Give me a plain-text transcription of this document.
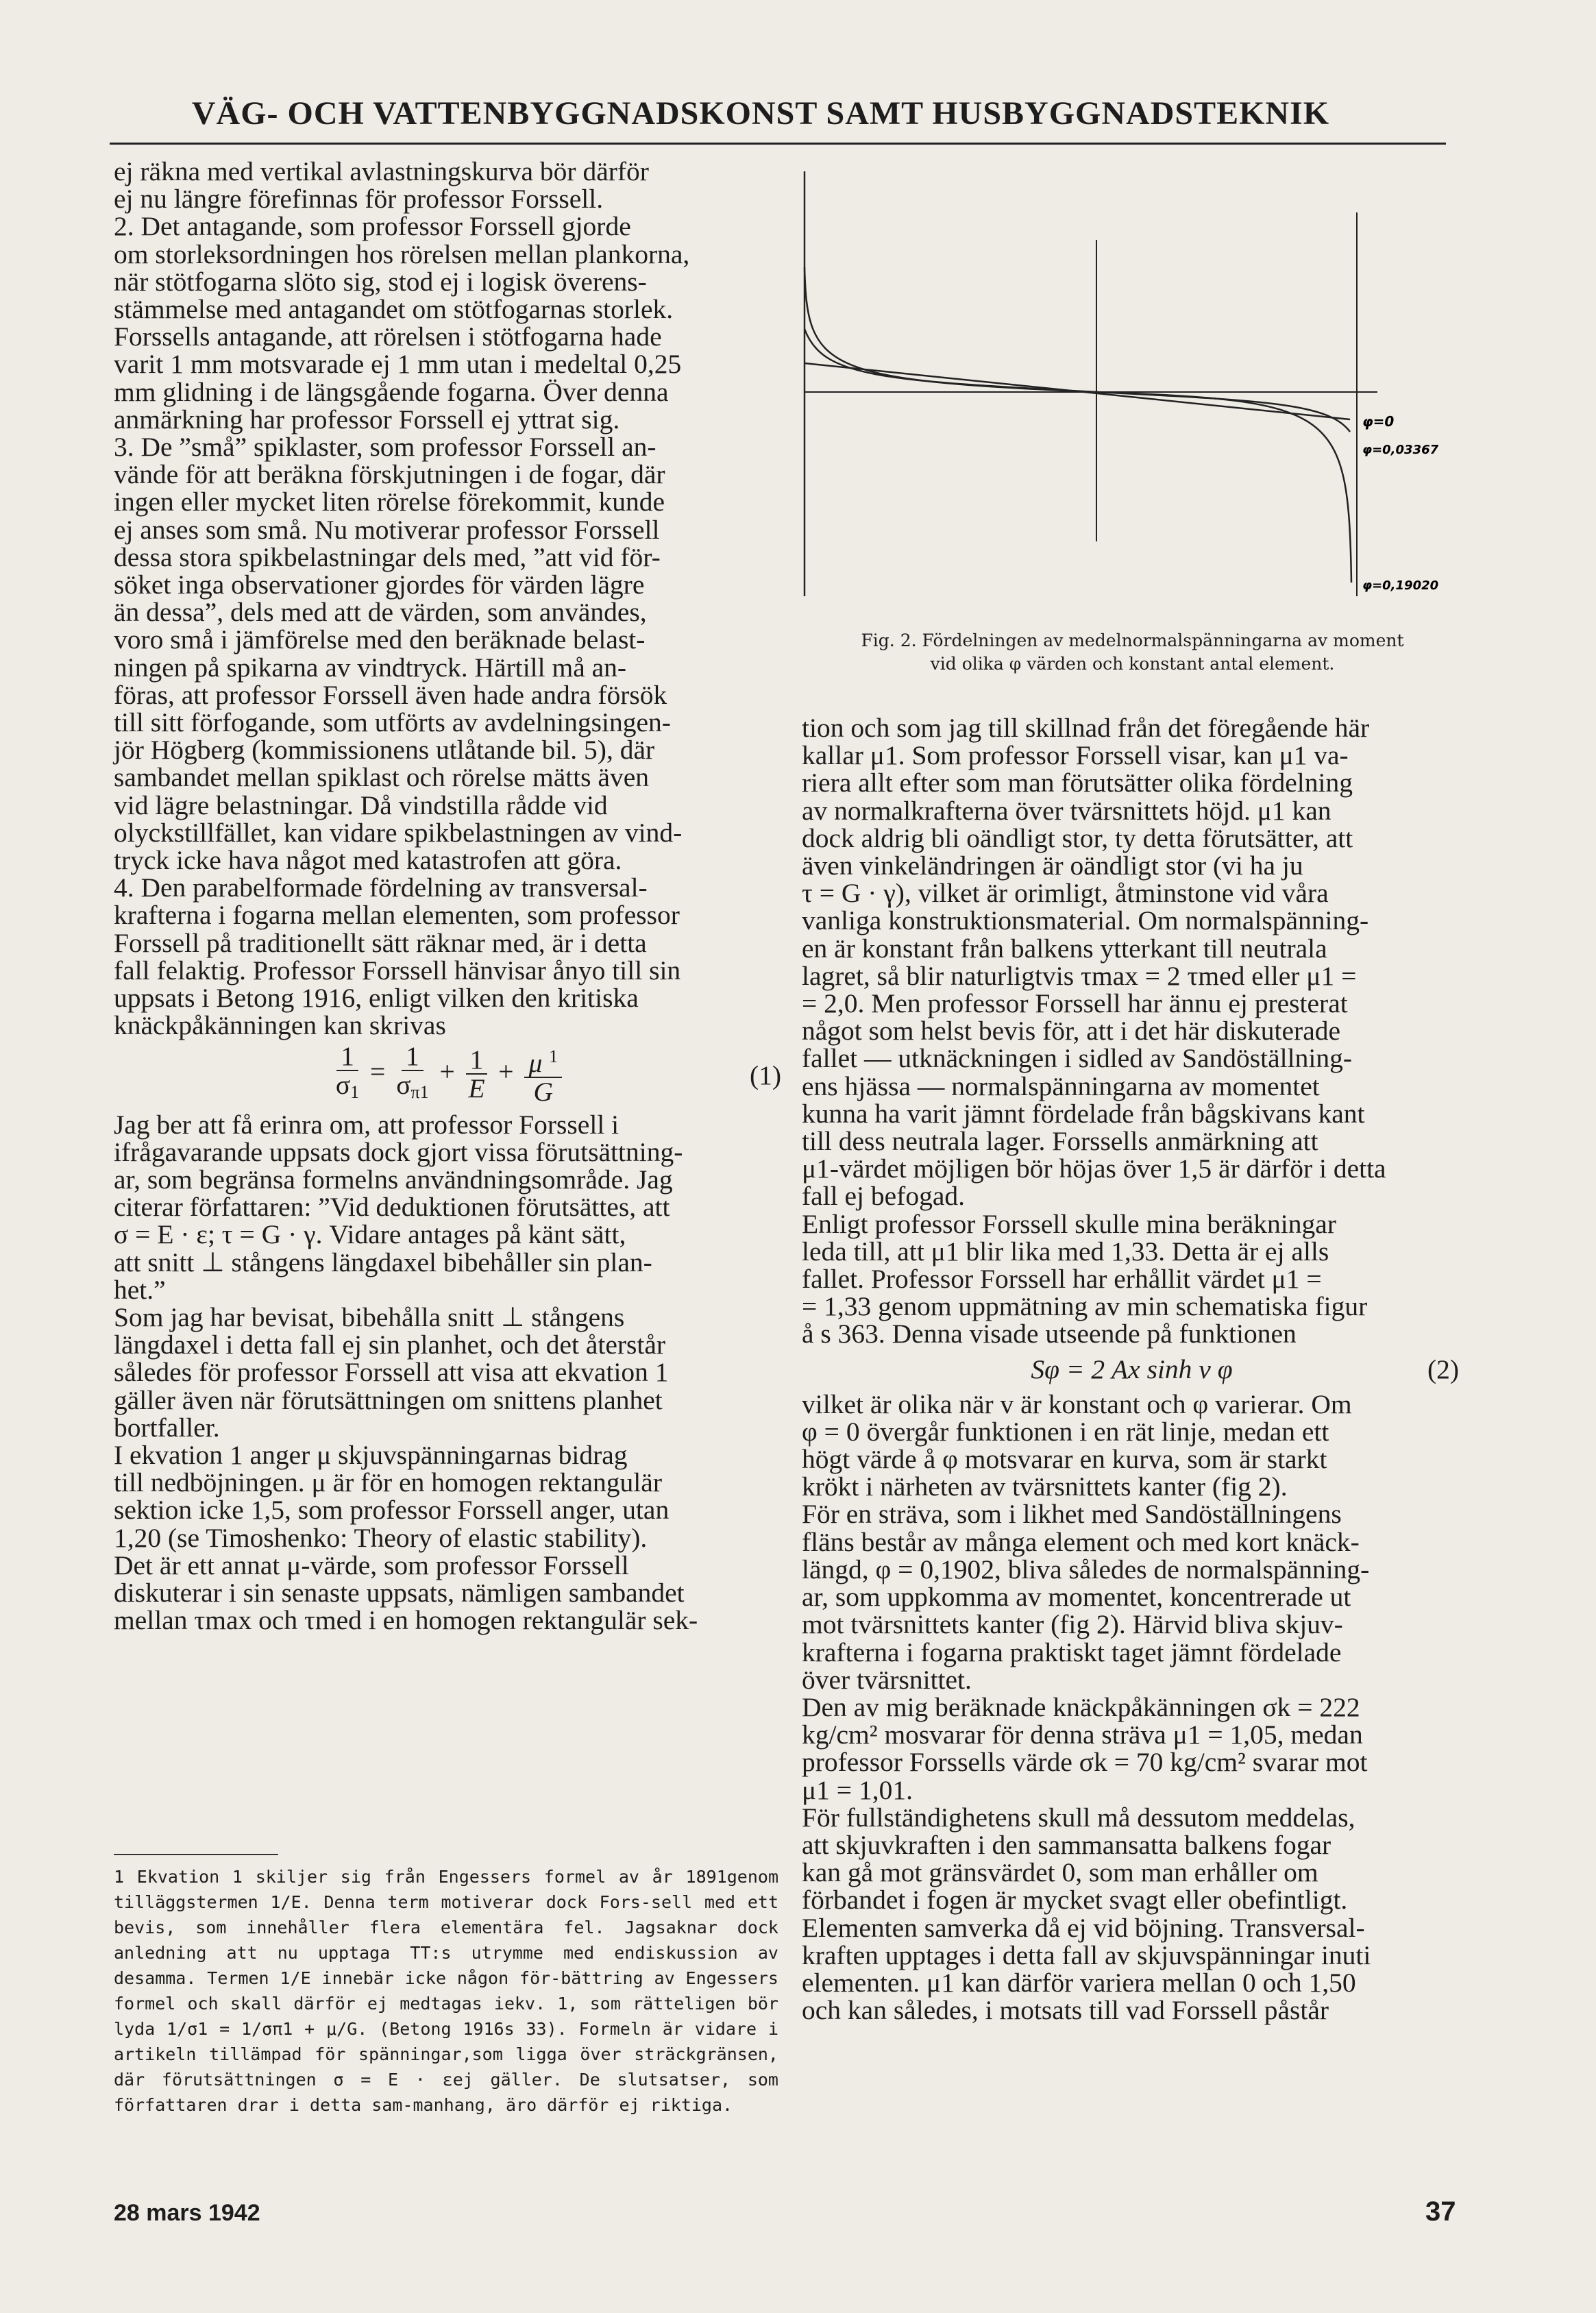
VÄG- OCH VATTENBYGGNADSKONST SAMT HUSBYGGNADSTEKNIK
ej räkna med vertikal avlastningskurva bör därför
ej nu längre förefinnas för professor Forssell.
2. Det antagande, som professor Forssell gjorde
om storleksordningen hos rörelsen mellan plankorna,
när stötfogarna slöto sig, stod ej i logisk överens-
stämmelse med antagandet om stötfogarnas storlek.
Forssells antagande, att rörelsen i stötfogarna hade
varit 1 mm motsvarade ej 1 mm utan i medeltal 0,25
mm glidning i de längsgående fogarna. Över denna
anmärkning har professor Forssell ej yttrat sig.
3. De ”små” spiklaster, som professor Forssell an-
vände för att beräkna förskjutningen i de fogar, där
ingen eller mycket liten rörelse förekommit, kunde
ej anses som små. Nu motiverar professor Forssell
dessa stora spikbelastningar dels med, ”att vid för-
söket inga observationer gjordes för värden lägre
än dessa”, dels med att de värden, som användes,
voro små i jämförelse med den beräknade belast-
ningen på spikarna av vindtryck. Härtill må an-
föras, att professor Forssell även hade andra försök
till sitt förfogande, som utförts av avdelningsingen-
jör Högberg (kommissionens utlåtande bil. 5), där
sambandet mellan spiklast och rörelse mätts även
vid lägre belastningar. Då vindstilla rådde vid
olyckstillfället, kan vidare spikbelastningen av vind-
tryck icke hava något med katastrofen att göra.
4. Den parabelformade fördelning av transversal-
krafterna i fogarna mellan elementen, som professor
Forssell på traditionellt sätt räknar med, är i detta
fall felaktig. Professor Forssell hänvisar ånyo till sin
uppsats i Betong 1916, enligt vilken den kritiska
knäckpåkänningen kan skrivas
$\frac{1}{\sigma_1} = \frac{1}{\sigma_{\pi 1}} + \frac{1}{E} + \frac{\mu ^1}{G}$	(1)
Jag ber att få erinra om, att professor Forssell i
ifrågavarande uppsats dock gjort vissa förutsättning-
ar, som begränsa formelns användningsområde. Jag
citerar författaren: ”Vid deduktionen förutsättes, att
σ = E · ε; τ = G · γ. Vidare antages på känt sätt,
att snitt ⊥ stångens längdaxel bibehåller sin plan-
het.”
Som jag har bevisat, bibehålla snitt ⊥ stångens
längdaxel i detta fall ej sin planhet, och det återstår
således för professor Forssell att visa att ekvation 1
gäller även när förutsättningen om snittens planhet
bortfaller.
I ekvation 1 anger μ skjuvspänningarnas bidrag
till nedböjningen. μ är för en homogen rektangulär
sektion icke 1,5, som professor Forssell anger, utan
1,20 (se Timoshenko: Theory of elastic stability).
Det är ett annat μ-värde, som professor Forssell
diskuterar i sin senaste uppsats, nämligen sambandet
mellan τmax och τmed i en homogen rektangulär sek-
1 Ekvation 1 skiljer sig från Engessers formel av år 1891genom tilläggstermen 1/E. Denna term motiverar dock Fors-sell med ett bevis, som innehåller flera elementära fel. Jagsaknar dock anledning att nu upptaga TT:s utrymme med endiskussion av desamma. Termen 1/E innebär icke någon för-bättring av Engessers formel och skall därför ej medtagas iekv. 1, som rätteligen bör lyda 1/σ1 = 1/σπ1 + μ/G. (Betong 1916s 33). Formeln är vidare i artikeln tillämpad för spänningar,som ligga över sträckgränsen, där förutsättningen σ = E · εej gäller. De slutsatser, som författaren drar i detta sam-manhang, äro därför ej riktiga.
φ=0
φ=0,03367
φ=0,19020
Fig. 2. Fördelningen av medelnormalspänningarna av moment
vid olika φ värden och konstant antal element.
tion och som jag till skillnad från det föregående här
kallar μ1. Som professor Forssell visar, kan μ1 va-
riera allt efter som man förutsätter olika fördelning
av normalkrafterna över tvärsnittets höjd. μ1 kan
dock aldrig bli oändligt stor, ty detta förutsätter, att
även vinkeländringen är oändligt stor (vi ha ju
τ = G · γ), vilket är orimligt, åtminstone vid våra
vanliga konstruktionsmaterial. Om normalspänning-
en är konstant från balkens ytterkant till neutrala
lagret, så blir naturligtvis τmax = 2 τmed eller μ1 =
= 2,0. Men professor Forssell har ännu ej presterat
något som helst bevis för, att i det här diskuterade
fallet — utknäckningen i sidled av Sandöställning-
ens hjässa — normalspänningarna av momentet
kunna ha varit jämnt fördelade från bågskivans kant
till dess neutrala lager. Forssells anmärkning att
μ1-värdet möjligen bör höjas över 1,5 är därför i detta
fall ej befogad.
Enligt professor Forssell skulle mina beräkningar
leda till, att μ1 blir lika med 1,33. Detta är ej alls
fallet. Professor Forssell har erhållit värdet μ1 =
= 1,33 genom uppmätning av min schematiska figur
å s 363. Denna visade utseende på funktionen
Sφ = 2 Ax sinh v φ	(2)
vilket är olika när v är konstant och φ varierar. Om
φ = 0 övergår funktionen i en rät linje, medan ett
högt värde å φ motsvarar en kurva, som är starkt
krökt i närheten av tvärsnittets kanter (fig 2).
För en sträva, som i likhet med Sandöställningens
fläns består av många element och med kort knäck-
längd, φ = 0,1902, bliva således de normalspänning-
ar, som uppkomma av momentet, koncentrerade ut
mot tvärsnittets kanter (fig 2). Härvid bliva skjuv-
krafterna i fogarna praktiskt taget jämnt fördelade
över tvärsnittet.
Den av mig beräknade knäckpåkänningen σk = 222
kg/cm² mosvarar för denna sträva μ1 = 1,05, medan
professor Forssells värde σk = 70 kg/cm² svarar mot
μ1 = 1,01.
För fullständighetens skull må dessutom meddelas,
att skjuvkraften i den sammansatta balkens fogar
kan gå mot gränsvärdet 0, som man erhåller om
förbandet i fogen är mycket svagt eller obefintligt.
Elementen samverka då ej vid böjning. Transversal-
kraften upptages i detta fall av skjuvspänningar inuti
elementen. μ1 kan därför variera mellan 0 och 1,50
och kan således, i motsats till vad Forssell påstår
28 mars 1942	37
